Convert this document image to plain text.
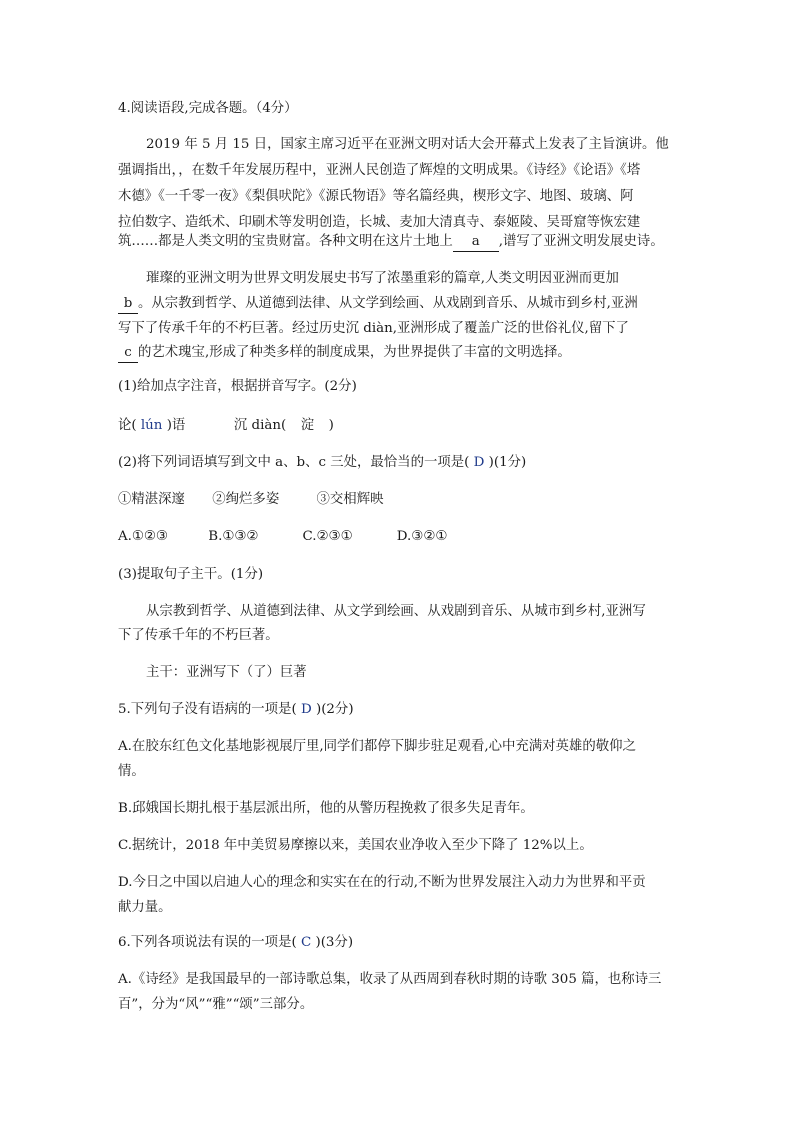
4.阅读语段,完成各题。（4分）
2019 年 5 月 15 日，国家主席习近平在亚洲文明对话大会开幕式上发表了主旨演讲。他
强调指出，，在数千年发展历程中，亚洲人民创造了辉煌的文明成果。《诗经》《论语》《塔
木德》《一千零一夜》《梨俱吠陀》《源氏物语》等名篇经典，楔形文字、地图、玻璃、阿
拉伯数字、造纸术、印刷术等发明创造，长城、麦加大清真寺、泰姬陵、吴哥窟等恢宏建
筑……都是人类文明的宝贵财富。各种文明在这片土地上 a ,谱写了亚洲文明发展史诗。
璀璨的亚洲文明为世界文明发展史书写了浓墨重彩的篇章,人类文明因亚洲而更加
b 。从宗教到哲学、从道德到法律、从文学到绘画、从戏剧到音乐、从城市到乡村,亚洲
写下了传承千年的不朽巨著。经过历史沉 diàn,亚洲形成了覆盖广泛的世俗礼仪,留下了
c 的艺术瑰宝,形成了种类多样的制度成果，为世界提供了丰富的文明选择。
(1)给加点字注音，根据拼音写字。(2分)
论( lún )语	沉 diàn( 淀 )
(2)将下列词语填写到文中 a、b、c 三处，最恰当的一项是( D )(1分)
①精湛深邃 ②绚烂多姿	③交相辉映
A.①②③	B.①③②	C.②③①	D.③②①
(3)提取句子主干。(1分)
从宗教到哲学、从道德到法律、从文学到绘画、从戏剧到音乐、从城市到乡村,亚洲写
下了传承千年的不朽巨著。
主干：亚洲写下（了）巨著
5.下列句子没有语病的一项是( D )(2分)
A.在胶东红色文化基地影视展厅里,同学们都停下脚步驻足观看,心中充满对英雄的敬仰之
情。
B.邱娥国长期扎根于基层派出所，他的从警历程挽救了很多失足青年。
C.据统计，2018 年中美贸易摩擦以来，美国农业净收入至少下降了 12%以上。
D.今日之中国以启迪人心的理念和实实在在的行动,不断为世界发展注入动力为世界和平贡
献力量。
6.下列各项说法有误的一项是( C )(3分)
A.《诗经》是我国最早的一部诗歌总集，收录了从西周到春秋时期的诗歌 305 篇，也称诗三
百”，分为“风”“雅”“颂”三部分。
